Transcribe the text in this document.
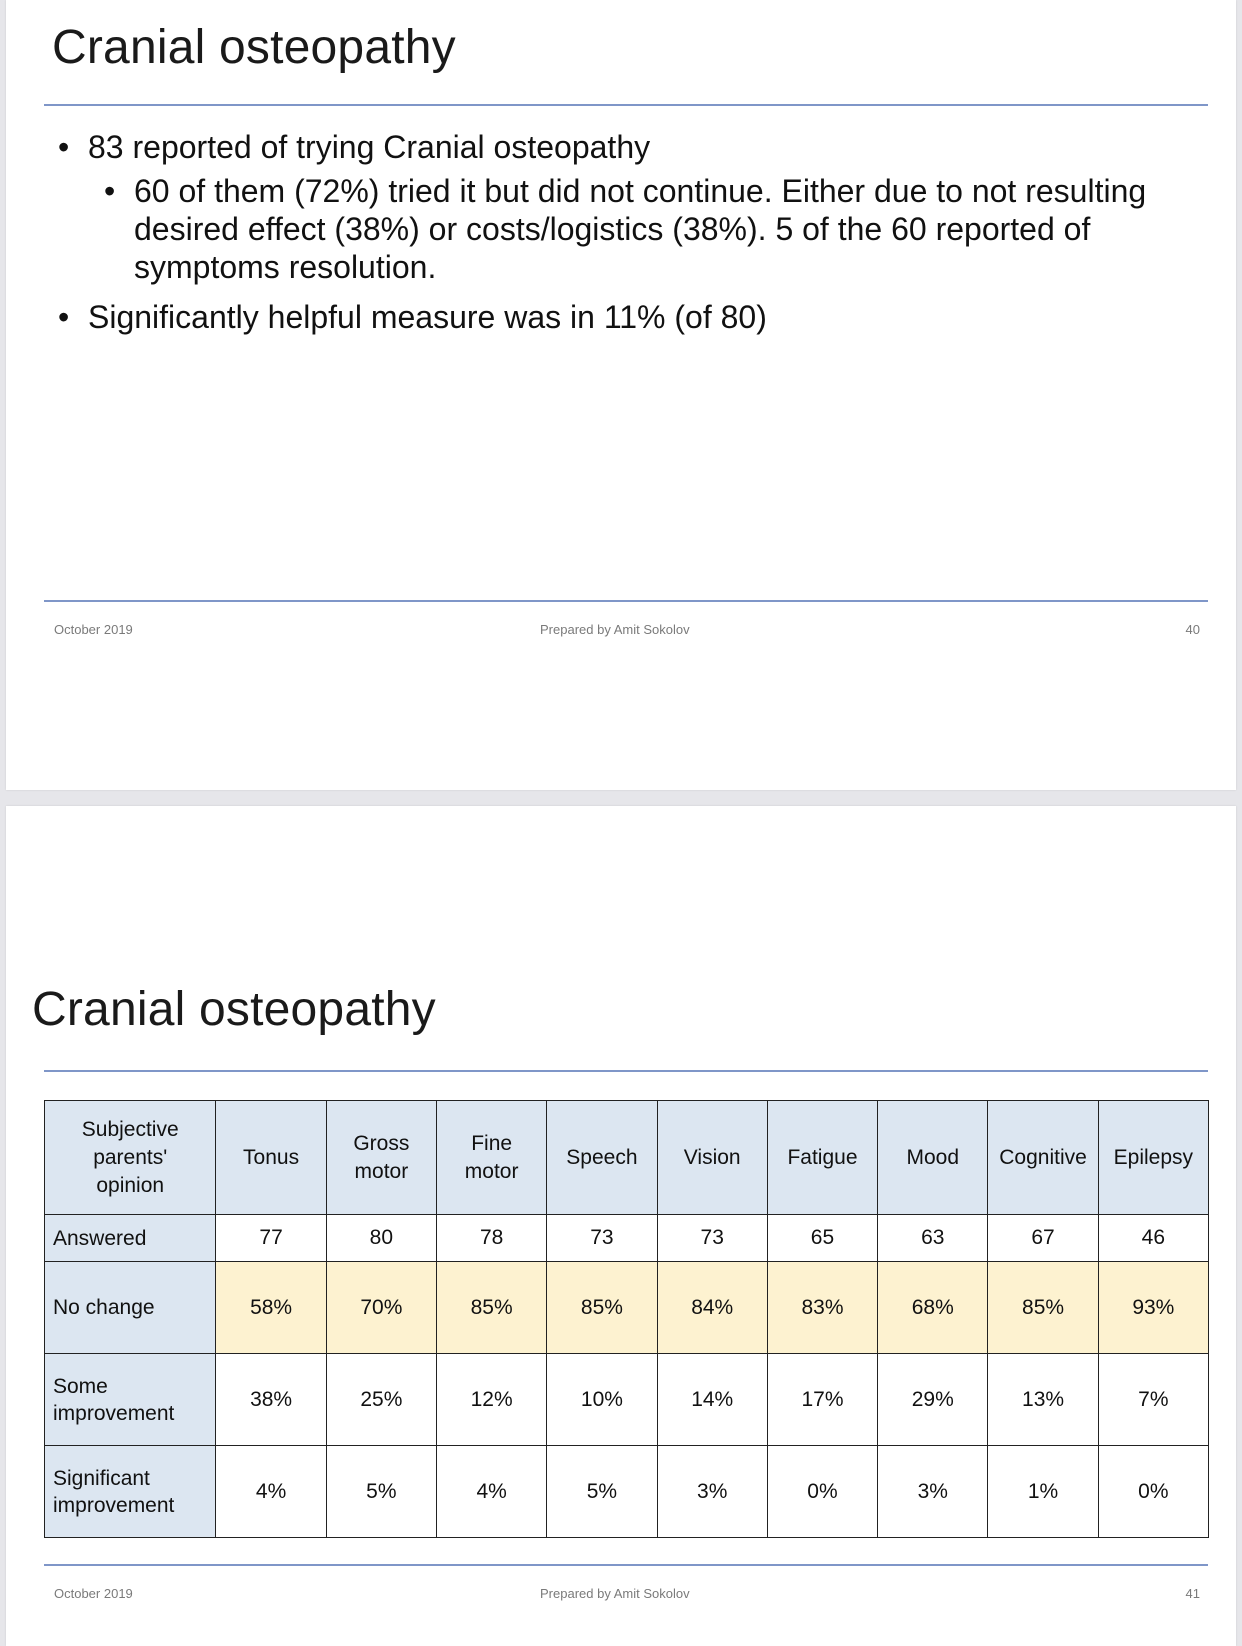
Cranial osteopathy
• 83 reported of trying Cranial osteopathy
• 60 of them (72%) tried it but did not continue. Either due to not resulting desired effect (38%) or costs/logistics (38%). 5 of the 60 reported of symptoms resolution.
• Significantly helpful measure was in 11% (of 80)
October 2019	Prepared by Amit Sokolov	40
Cranial osteopathy
Subjective parents' opinion	Tonus	Gross motor	Fine motor	Speech	Vision	Fatigue	Mood	Cognitive	Epilepsy
Answered	77	80	78	73	73	65	63	67	46
No change	58%	70%	85%	85%	84%	83%	68%	85%	93%
Some improvement	38%	25%	12%	10%	14%	17%	29%	13%	7%
Significant improvement	4%	5%	4%	5%	3%	0%	3%	1%	0%
October 2019	Prepared by Amit Sokolov	41
